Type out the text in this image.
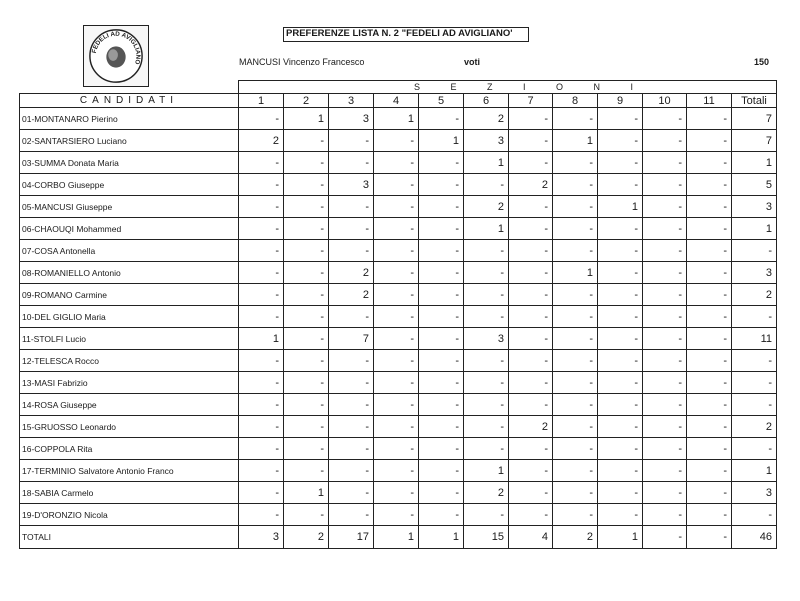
FEDELI AD AVIGLIANO
PREFERENZE LISTA N. 2 "FEDELI AD AVIGLIANO'
MANCUSI Vincenzo Francesco	voti	150
	S E Z I O N I											
CANDIDATI	1	2	3	4	5	6	7	8	9	10	11	Totali
01-MONTANARO Pierino	-	1	3	1	-	2	-	-	-	-	-	7
02-SANTARSIERO Luciano	2	-	-	-	1	3	-	1	-	-	-	7
03-SUMMA Donata Maria	-	-	-	-	-	1	-	-	-	-	-	1
04-CORBO Giuseppe	-	-	3	-	-	-	2	-	-	-	-	5
05-MANCUSI Giuseppe	-	-	-	-	-	2	-	-	1	-	-	3
06-CHAOUQI Mohammed	-	-	-	-	-	1	-	-	-	-	-	1
07-COSA Antonella	-	-	-	-	-	-	-	-	-	-	-	-
08-ROMANIELLO Antonio	-	-	2	-	-	-	-	1	-	-	-	3
09-ROMANO Carmine	-	-	2	-	-	-	-	-	-	-	-	2
10-DEL GIGLIO Maria	-	-	-	-	-	-	-	-	-	-	-	-
11-STOLFI Lucio	1	-	7	-	-	3	-	-	-	-	-	11
12-TELESCA Rocco	-	-	-	-	-	-	-	-	-	-	-	-
13-MASI Fabrizio	-	-	-	-	-	-	-	-	-	-	-	-
14-ROSA Giuseppe	-	-	-	-	-	-	-	-	-	-	-	-
15-GRUOSSO Leonardo	-	-	-	-	-	-	2	-	-	-	-	2
16-COPPOLA Rita	-	-	-	-	-	-	-	-	-	-	-	-
17-TERMINIO Salvatore Antonio Franco	-	-	-	-	-	1	-	-	-	-	-	1
18-SABIA Carmelo	-	1	-	-	-	2	-	-	-	-	-	3
19-D'ORONZIO Nicola	-	-	-	-	-	-	-	-	-	-	-	-
TOTALI	3	2	17	1	1	15	4	2	1	-	-	46
